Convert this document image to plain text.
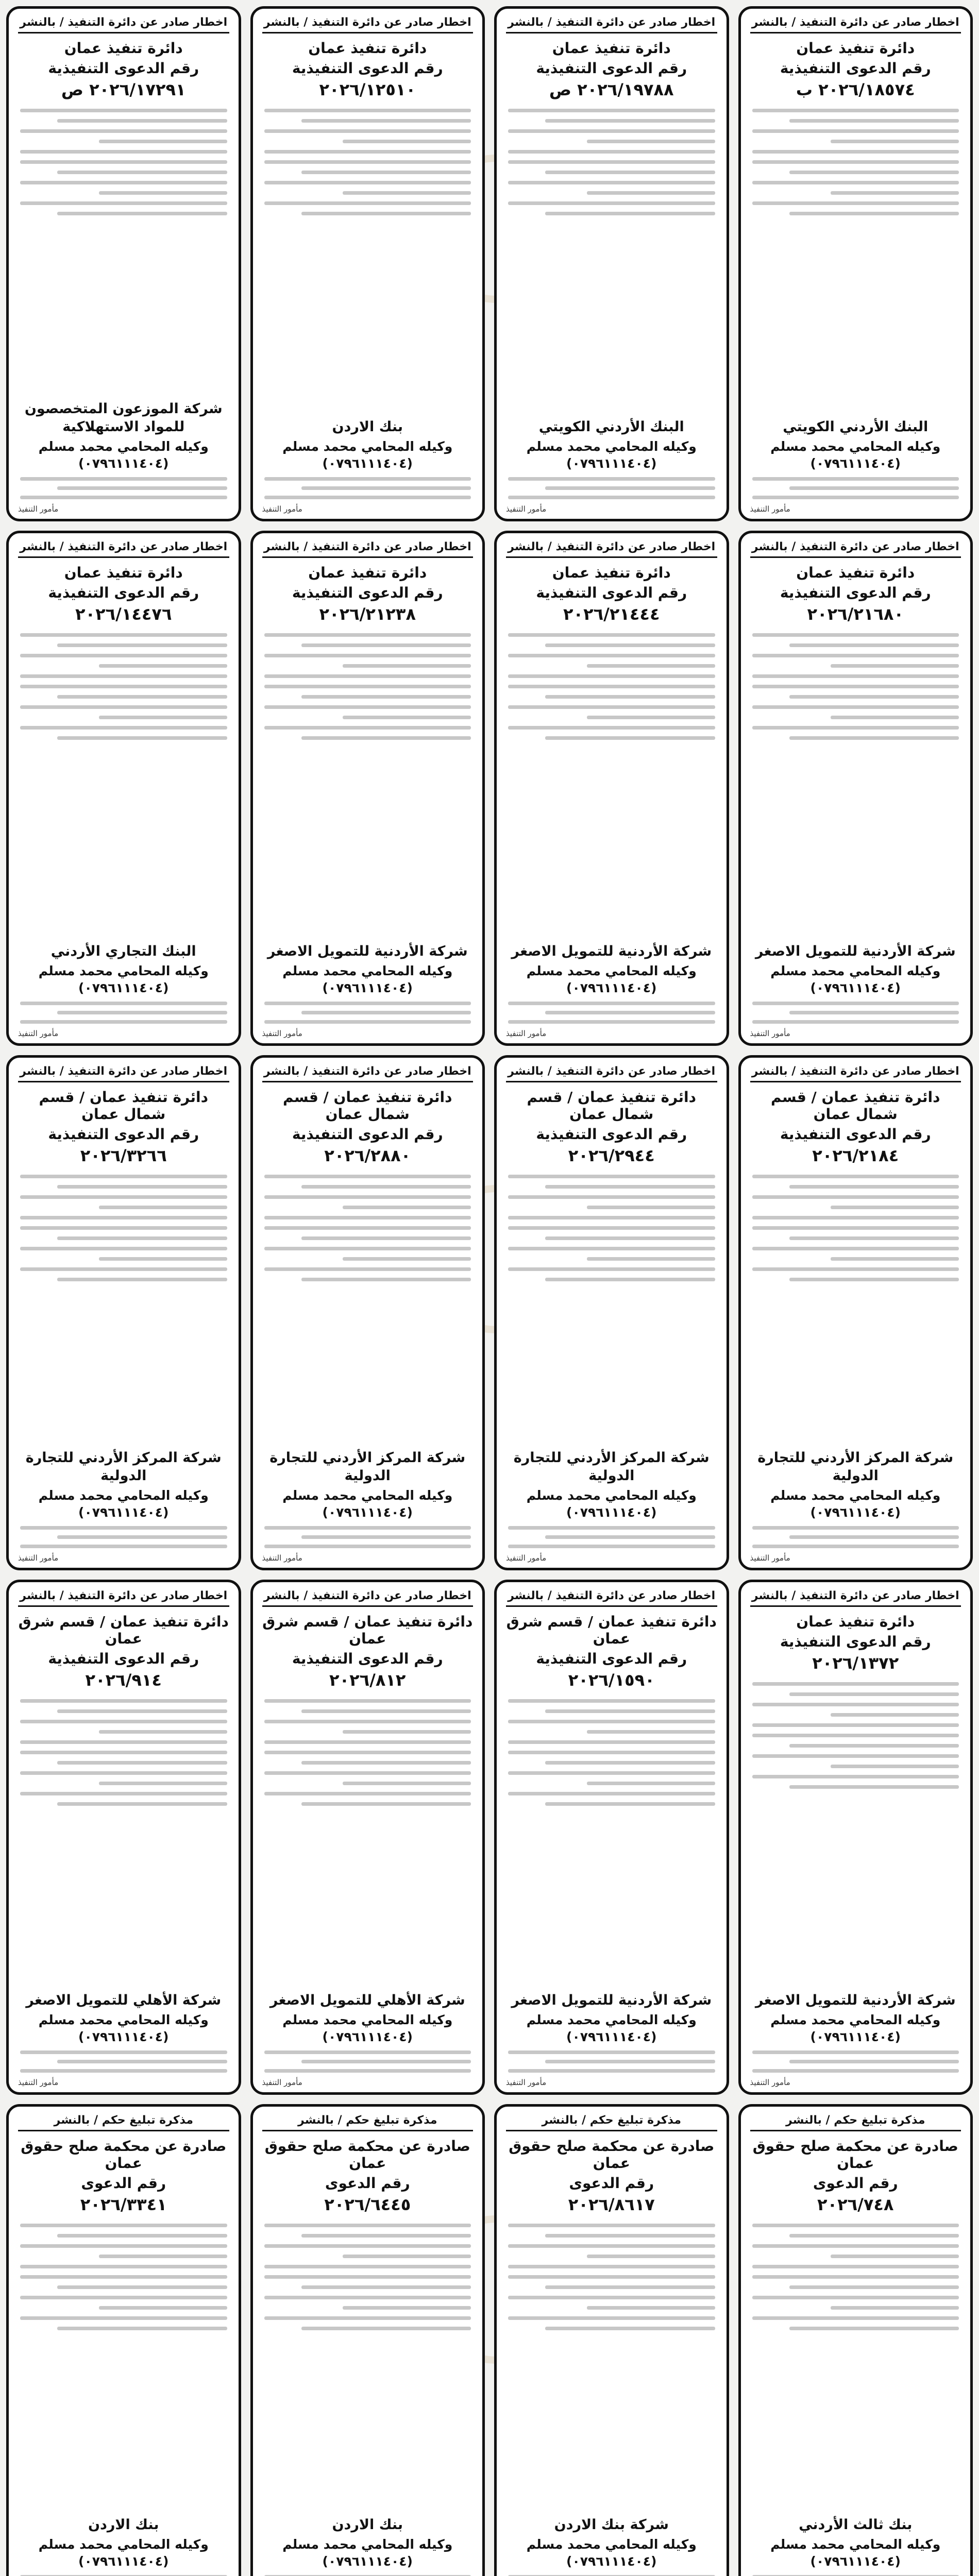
اخطار صادر عن دائرة التنفيذ / بالنشر
دائرة تنفيذ عمان
رقم الدعوى التنفيذية
٢٠٢٦/١٨٥٧٤ ب
البنك الأردني الكويتي
وكيله المحامي محمد مسلم
(٠٧٩٦١١١٤٠٤)
مأمور التنفيذ
اخطار صادر عن دائرة التنفيذ / بالنشر
دائرة تنفيذ عمان
رقم الدعوى التنفيذية
٢٠٢٦/١٩٧٨٨ ص
البنك الأردني الكويتي
وكيله المحامي محمد مسلم
(٠٧٩٦١١١٤٠٤)
مأمور التنفيذ
اخطار صادر عن دائرة التنفيذ / بالنشر
دائرة تنفيذ عمان
رقم الدعوى التنفيذية
٢٠٢٦/١٢٥١٠
بنك الاردن
وكيله المحامي محمد مسلم
(٠٧٩٦١١١٤٠٤)
مأمور التنفيذ
اخطار صادر عن دائرة التنفيذ / بالنشر
دائرة تنفيذ عمان
رقم الدعوى التنفيذية
٢٠٢٦/١٧٢٩١ ص
شركة الموزعون المتخصصون للمواد الاستهلاكية
وكيله المحامي محمد مسلم
(٠٧٩٦١١١٤٠٤)
مأمور التنفيذ
اخطار صادر عن دائرة التنفيذ / بالنشر
دائرة تنفيذ عمان
رقم الدعوى التنفيذية
٢٠٢٦/٢١٦٨٠
شركة الأردنية للتمويل الاصغر
وكيله المحامي محمد مسلم
(٠٧٩٦١١١٤٠٤)
مأمور التنفيذ
اخطار صادر عن دائرة التنفيذ / بالنشر
دائرة تنفيذ عمان
رقم الدعوى التنفيذية
٢٠٢٦/٢١٤٤٤
شركة الأردنية للتمويل الاصغر
وكيله المحامي محمد مسلم
(٠٧٩٦١١١٤٠٤)
مأمور التنفيذ
اخطار صادر عن دائرة التنفيذ / بالنشر
دائرة تنفيذ عمان
رقم الدعوى التنفيذية
٢٠٢٦/٢١٢٣٨
شركة الأردنية للتمويل الاصغر
وكيله المحامي محمد مسلم
(٠٧٩٦١١١٤٠٤)
مأمور التنفيذ
اخطار صادر عن دائرة التنفيذ / بالنشر
دائرة تنفيذ عمان
رقم الدعوى التنفيذية
٢٠٢٦/١٤٤٧٦
البنك التجاري الأردني
وكيله المحامي محمد مسلم
(٠٧٩٦١١١٤٠٤)
مأمور التنفيذ
اخطار صادر عن دائرة التنفيذ / بالنشر
دائرة تنفيذ عمان / قسم شمال عمان
رقم الدعوى التنفيذية
٢٠٢٦/٢١٨٤
شركة المركز الأردني للتجارة الدولية
وكيله المحامي محمد مسلم
(٠٧٩٦١١١٤٠٤)
مأمور التنفيذ
اخطار صادر عن دائرة التنفيذ / بالنشر
دائرة تنفيذ عمان / قسم شمال عمان
رقم الدعوى التنفيذية
٢٠٢٦/٢٩٤٤
شركة المركز الأردني للتجارة الدولية
وكيله المحامي محمد مسلم
(٠٧٩٦١١١٤٠٤)
مأمور التنفيذ
اخطار صادر عن دائرة التنفيذ / بالنشر
دائرة تنفيذ عمان / قسم شمال عمان
رقم الدعوى التنفيذية
٢٠٢٦/٢٨٨٠
شركة المركز الأردني للتجارة الدولية
وكيله المحامي محمد مسلم
(٠٧٩٦١١١٤٠٤)
مأمور التنفيذ
اخطار صادر عن دائرة التنفيذ / بالنشر
دائرة تنفيذ عمان / قسم شمال عمان
رقم الدعوى التنفيذية
٢٠٢٦/٣٢٦٦
شركة المركز الأردني للتجارة الدولية
وكيله المحامي محمد مسلم
(٠٧٩٦١١١٤٠٤)
مأمور التنفيذ
اخطار صادر عن دائرة التنفيذ / بالنشر
دائرة تنفيذ عمان
رقم الدعوى التنفيذية
٢٠٢٦/١٣٧٢
شركة الأردنية للتمويل الاصغر
وكيله المحامي محمد مسلم
(٠٧٩٦١١١٤٠٤)
مأمور التنفيذ
اخطار صادر عن دائرة التنفيذ / بالنشر
دائرة تنفيذ عمان / قسم شرق عمان
رقم الدعوى التنفيذية
٢٠٢٦/١٥٩٠
شركة الأردنية للتمويل الاصغر
وكيله المحامي محمد مسلم
(٠٧٩٦١١١٤٠٤)
مأمور التنفيذ
اخطار صادر عن دائرة التنفيذ / بالنشر
دائرة تنفيذ عمان / قسم شرق عمان
رقم الدعوى التنفيذية
٢٠٢٦/٨١٢
شركة الأهلي للتمويل الاصغر
وكيله المحامي محمد مسلم
(٠٧٩٦١١١٤٠٤)
مأمور التنفيذ
اخطار صادر عن دائرة التنفيذ / بالنشر
دائرة تنفيذ عمان / قسم شرق عمان
رقم الدعوى التنفيذية
٢٠٢٦/٩١٤
شركة الأهلي للتمويل الاصغر
وكيله المحامي محمد مسلم
(٠٧٩٦١١١٤٠٤)
مأمور التنفيذ
مذكرة تبليغ حكم / بالنشر
صادرة عن محكمة صلح حقوق عمان
رقم الدعوى
٢٠٢٦/٧٤٨
بنك ثالث الأردني
وكيله المحامي محمد مسلم
(٠٧٩٦١١١٤٠٤)
مذكرة تبليغ حكم / بالنشر
صادرة عن محكمة صلح حقوق عمان
رقم الدعوى
٢٠٢٦/٨٦١٧
شركة بنك الاردن
وكيله المحامي محمد مسلم
(٠٧٩٦١١١٤٠٤)
مذكرة تبليغ حكم / بالنشر
صادرة عن محكمة صلح حقوق عمان
رقم الدعوى
٢٠٢٦/٦٤٤٥
بنك الاردن
وكيله المحامي محمد مسلم
(٠٧٩٦١١١٤٠٤)
مذكرة تبليغ حكم / بالنشر
صادرة عن محكمة صلح حقوق عمان
رقم الدعوى
٢٠٢٦/٣٣٤١
بنك الاردن
وكيله المحامي محمد مسلم
(٠٧٩٦١١١٤٠٤)
